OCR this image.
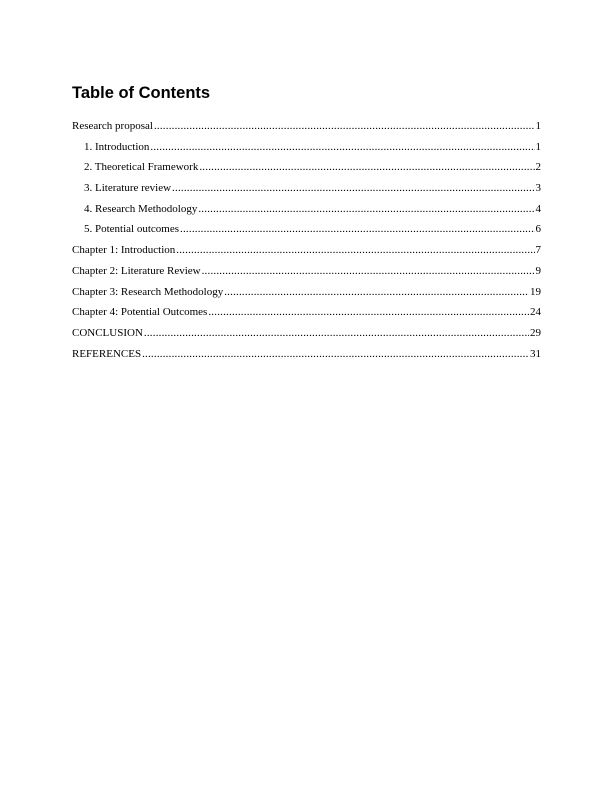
Table of Contents
Research proposal .....	1
1. Introduction .....	1
2. Theoretical Framework .....	2
3. Literature review .....	3
4. Research Methodology .....	4
5. Potential outcomes .....	6
Chapter 1: Introduction .....	7
Chapter 2: Literature Review .....	9
Chapter 3: Research Methodology .....	19
Chapter 4: Potential Outcomes .....	24
CONCLUSION .....	29
REFERENCES .....	31
